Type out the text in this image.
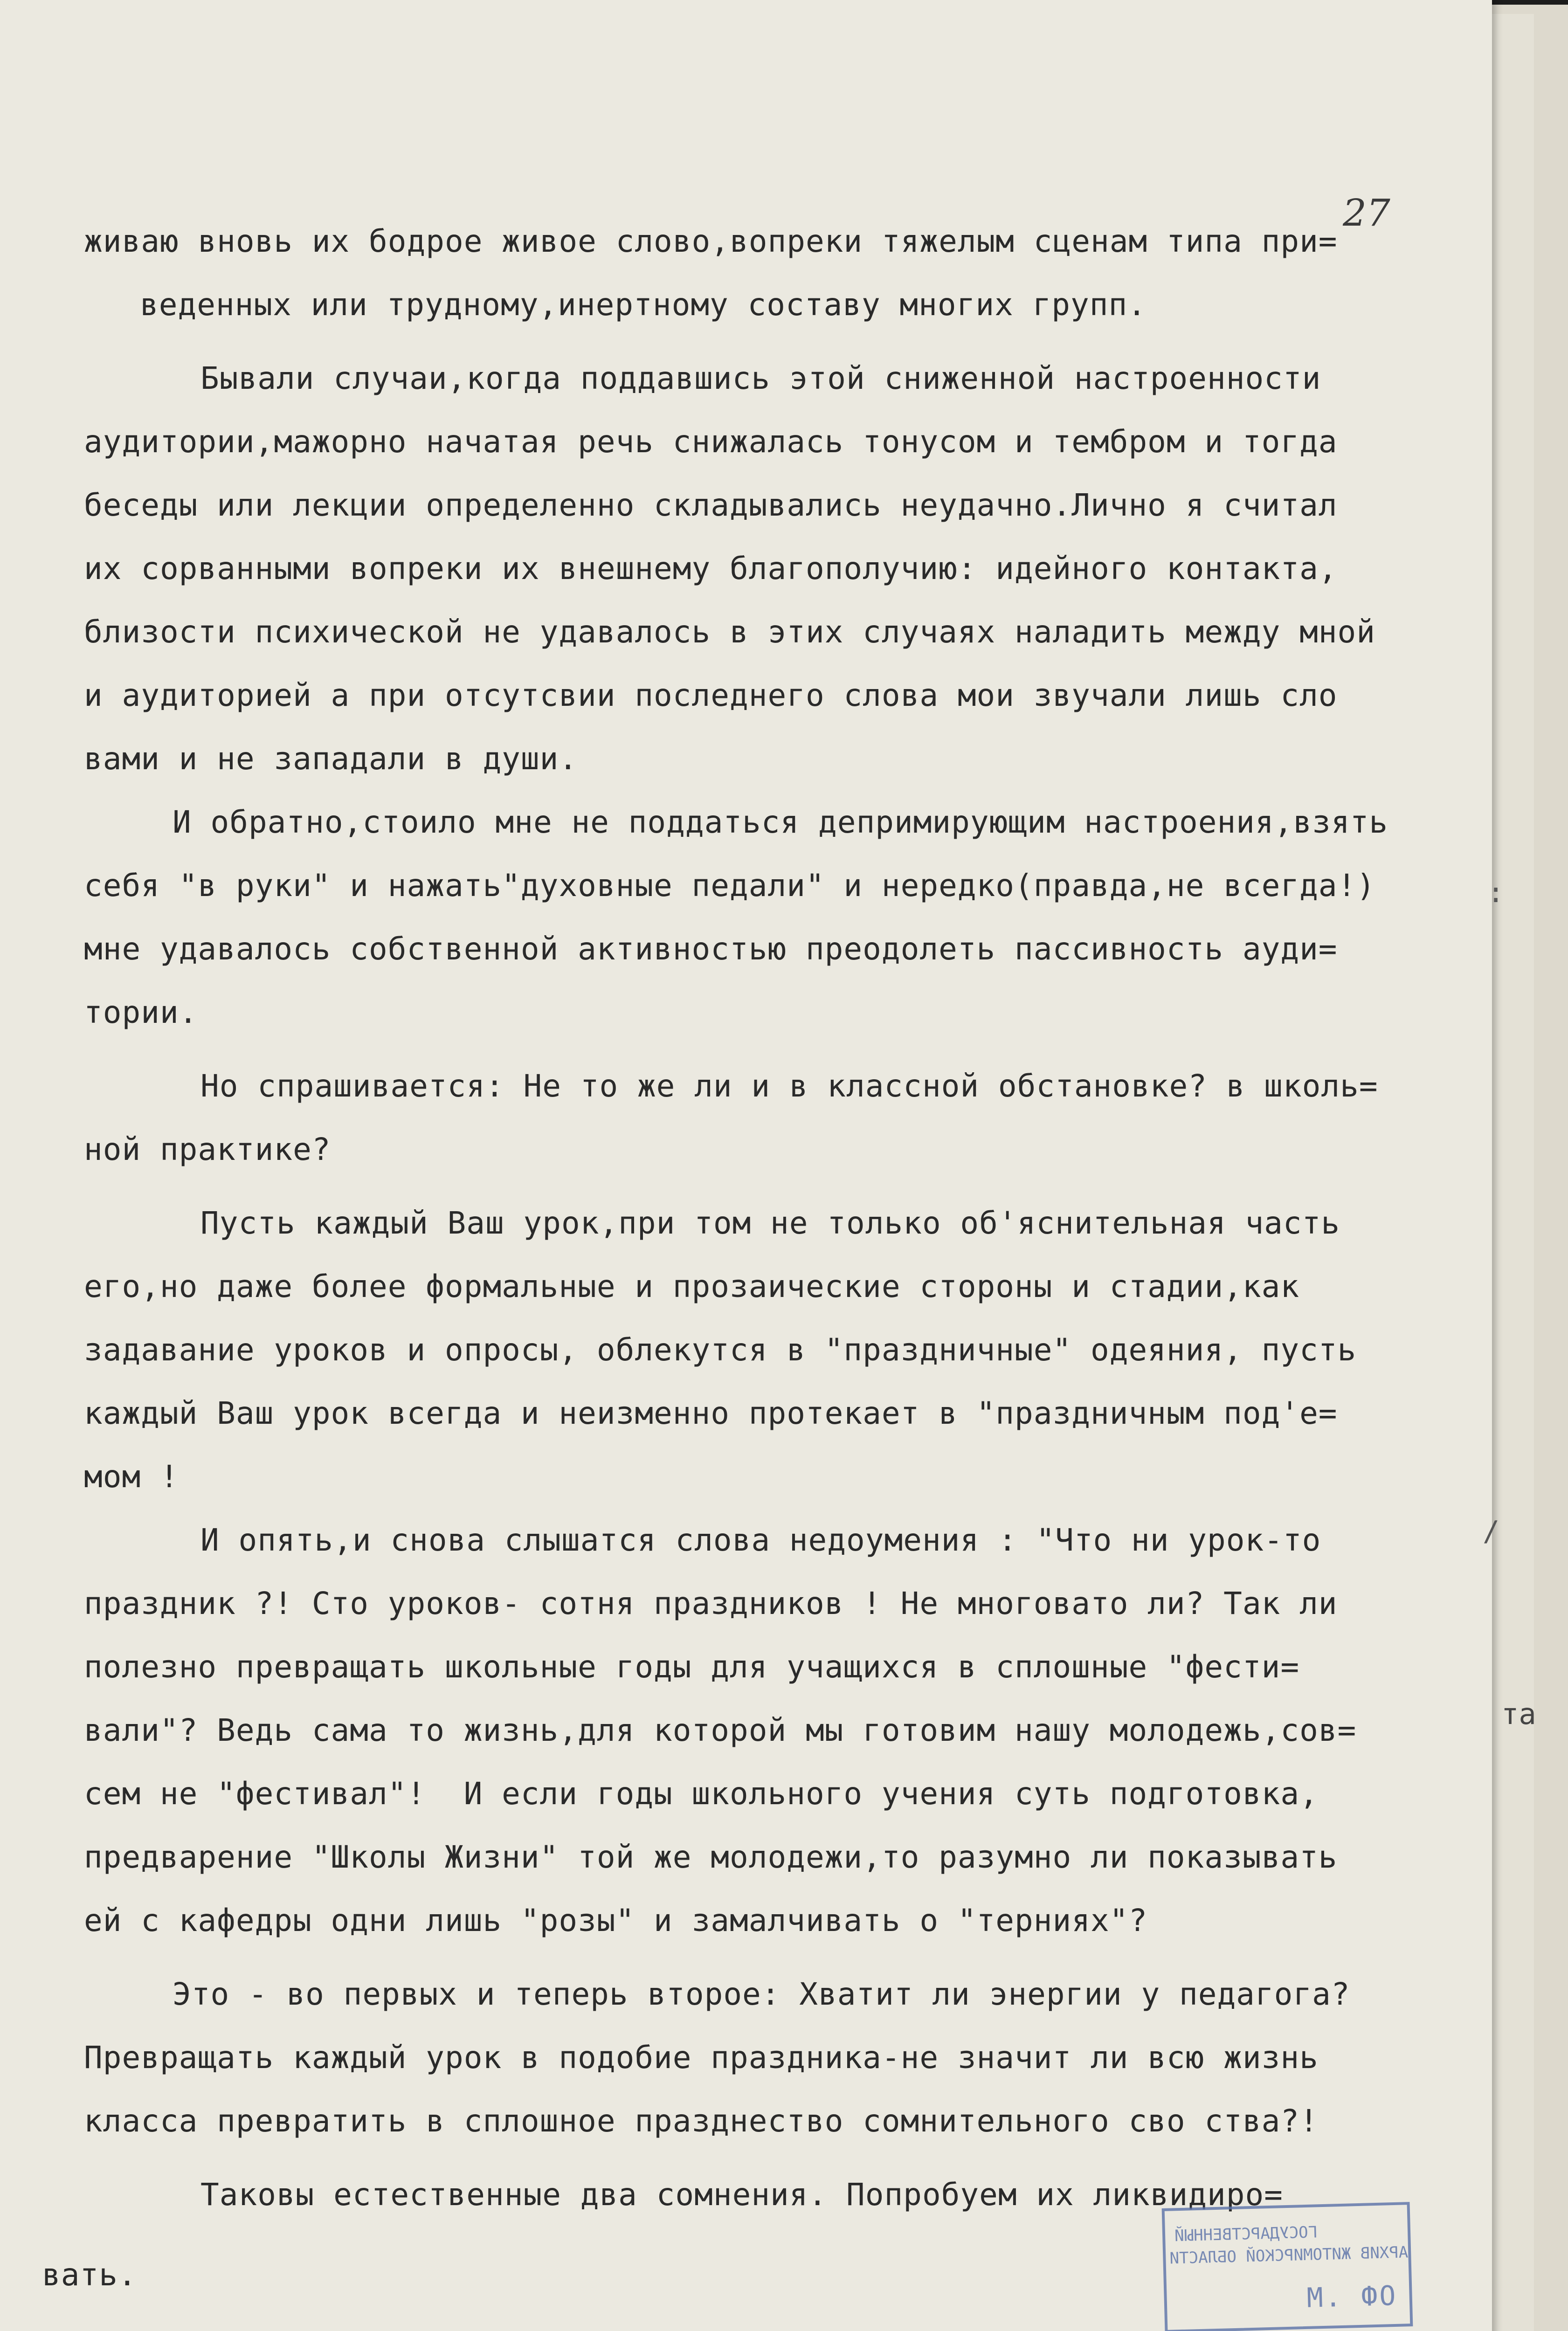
27
живаю вновь их бодрое живое слово,вопреки тяжелым сценам типа при=
веденных или трудному,инертному составу многих групп.
Бывали случаи,когда поддавшись этой сниженной настроенности
аудитории,мажорно начатая речь снижалась тонусом и тембром и тогда
беседы или лекции определенно складывались неудачно.Лично я считал
их сорванными вопреки их внешнему благополучию: идейного контакта,
близости психической не удавалось в этих случаях наладить между мной
и аудиторией а при отсутсвии последнего слова мои звучали лишь сло
вами и не западали в души.
И обратно,стоило мне не поддаться депримирующим настроения,взять
себя "в руки" и нажать"духовные педали" и нередко(правда,не всегда!)
мне удавалось собственной активностью преодолеть пассивность ауди=
тории.
Но спрашивается: Не то же ли и в классной обстановке? в школь=
ной практике?
Пусть каждый Ваш урок,при том не только об'яснительная часть
его,но даже более формальные и прозаические стороны и стадии,как
задавание уроков и опросы, облекутся в "праздничные" одеяния, пусть
каждый Ваш урок всегда и неизменно протекает в "праздничным под'е=
мом !
И опять,и снова слышатся слова недоумения : "Что ни урок-то
праздник ?! Сто уроков- сотня праздников ! Не многовато ли? Так ли
полезно превращать школьные годы для учащихся в сплошные "фести=
вали"? Ведь сама то жизнь,для которой мы готовим нашу молодежь,сов=
сем не "фестивал"!  И если годы школьного учения суть подготовка,
предварение "Школы Жизни" той же молодежи,то разумно ли показывать
ей с кафедры одни лишь "розы" и замалчивать о "терниях"?
Это - во первых и теперь второе: Хватит ли энергии у педагога?
Превращать каждый урок в подобие праздника-не значит ли всю жизнь
класса превратить в сплошное празднество сомнительного сво ства?!
Таковы естественные два сомнения. Попробуем их ликвидиро=
вать.
ГОСУДАРСТВЕННЫЙ
АРХИВ ЖИТОМИРСКОЙ ОБЛАСТИ
М. ФО
та
:
/
